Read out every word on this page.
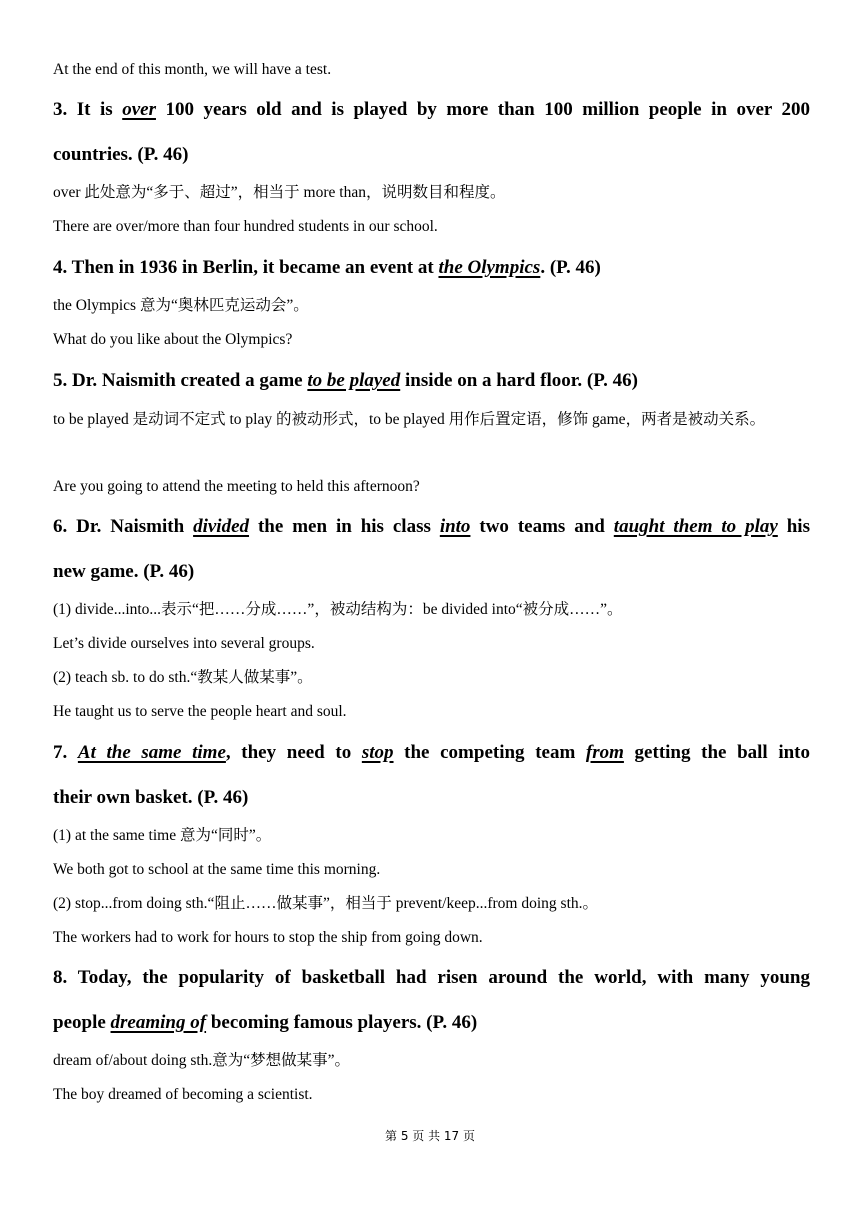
At the end of this month, we will have a test.
3. It is over 100 years old and is played by more than 100 million people in over 200
countries. (P. 46)
over 此处意为“多于、超过”，相当于 more than，说明数目和程度。
There are over/more than four hundred students in our school.
4. Then in 1936 in Berlin, it became an event at the Olympics. (P. 46)
the Olympics 意为“奥林匹克运动会”。
What do you like about the Olympics?
5. Dr. Naismith created a game to be played inside on a hard floor. (P. 46)
to be played 是动词不定式 to play 的被动形式，to be played 用作后置定语，修饰 game，两者是被动关系。
Are you going to attend the meeting to held this afternoon?
6. Dr. Naismith divided the men in his class into two teams and taught them to play his
new game. (P. 46)
(1) divide...into...表示“把……分成……”，被动结构为：be divided into“被分成……”。
Let’s divide ourselves into several groups.
(2) teach sb. to do sth.“教某人做某事”。
He taught us to serve the people heart and soul.
7. At the same time, they need to stop the competing team from getting the ball into
their own basket. (P. 46)
(1) at the same time 意为“同时”。
We both got to school at the same time this morning.
(2) stop...from doing sth.“阻止……做某事”，相当于 prevent/keep...from doing sth.。
The workers had to work for hours to stop the ship from going down.
8. Today, the popularity of basketball had risen around the world, with many young
people dreaming of becoming famous players. (P. 46)
dream of/about doing sth.意为“梦想做某事”。
The boy dreamed of becoming a scientist.
第 5 页 共 17 页
